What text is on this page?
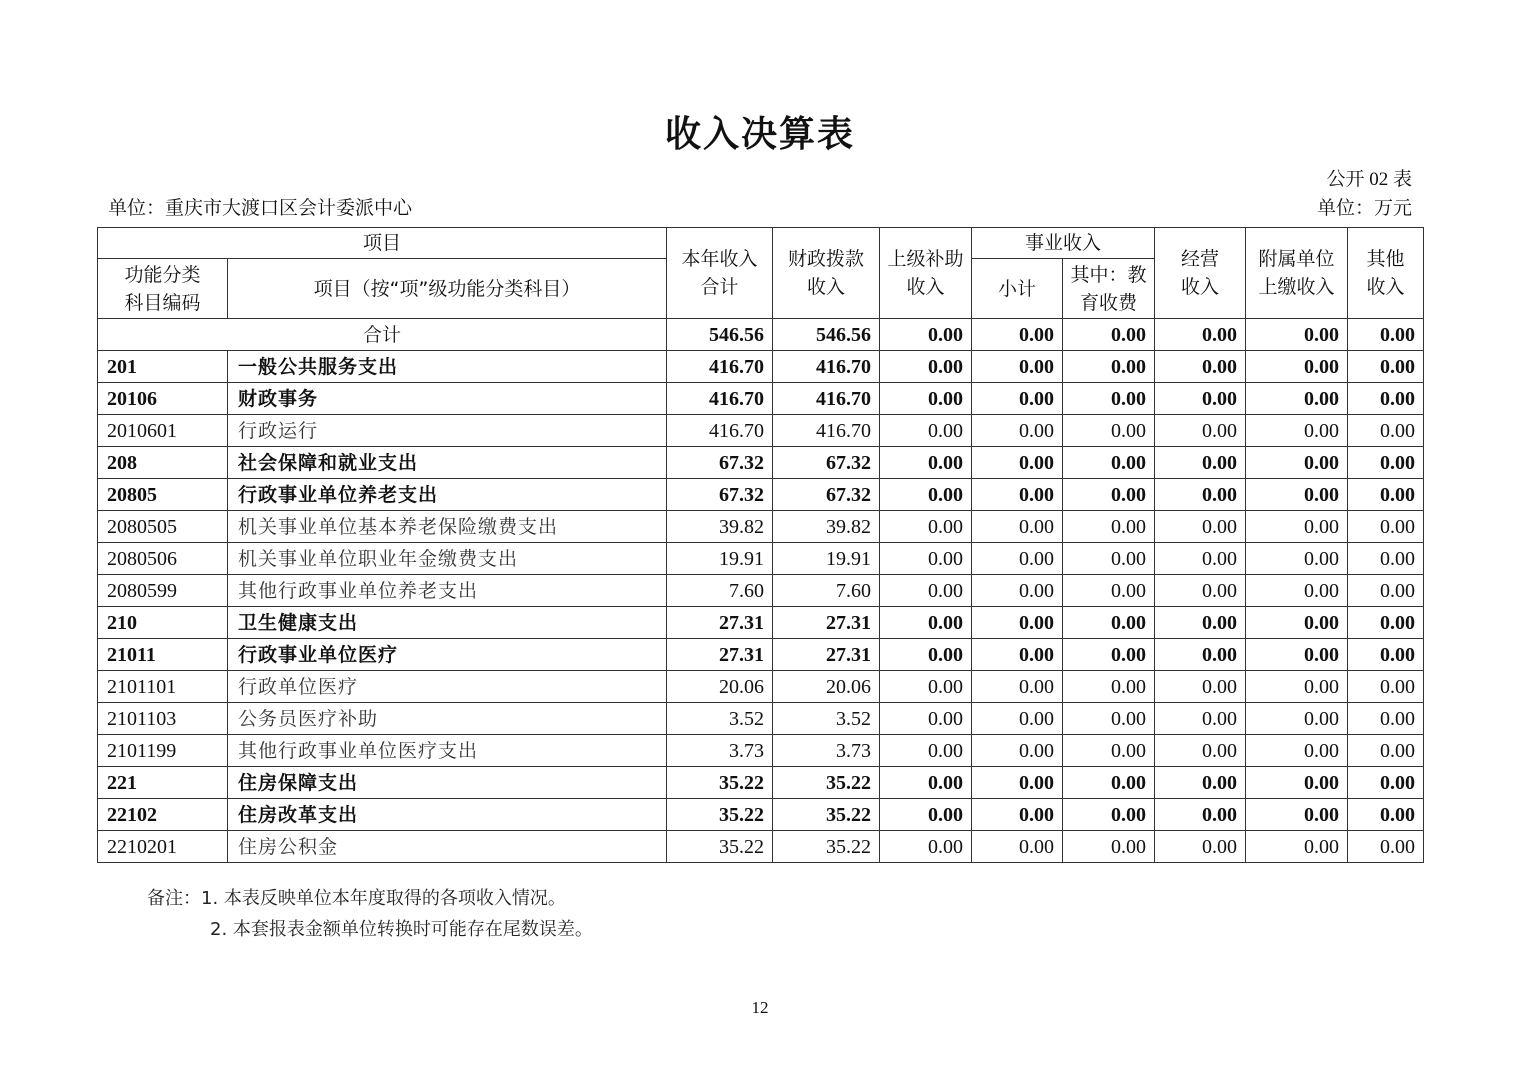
收入决算表
公开 02 表
单位：重庆市大渡口区会计委派中心	单位：万元
项目		本年收入合计	财政拨款收入	上级补助收入	事业收入		经营收入	附属单位上缴收入	其他收入
功能分类科目编码	项目（按“项”级功能分类科目）				小计	其中：教育收费			
合计		546.56	546.56	0.00	0.00	0.00	0.00	0.00	0.00
201	一般公共服务支出	416.70	416.70	0.00	0.00	0.00	0.00	0.00	0.00
20106	财政事务	416.70	416.70	0.00	0.00	0.00	0.00	0.00	0.00
2010601	行政运行	416.70	416.70	0.00	0.00	0.00	0.00	0.00	0.00
208	社会保障和就业支出	67.32	67.32	0.00	0.00	0.00	0.00	0.00	0.00
20805	行政事业单位养老支出	67.32	67.32	0.00	0.00	0.00	0.00	0.00	0.00
2080505	机关事业单位基本养老保险缴费支出	39.82	39.82	0.00	0.00	0.00	0.00	0.00	0.00
2080506	机关事业单位职业年金缴费支出	19.91	19.91	0.00	0.00	0.00	0.00	0.00	0.00
2080599	其他行政事业单位养老支出	7.60	7.60	0.00	0.00	0.00	0.00	0.00	0.00
210	卫生健康支出	27.31	27.31	0.00	0.00	0.00	0.00	0.00	0.00
21011	行政事业单位医疗	27.31	27.31	0.00	0.00	0.00	0.00	0.00	0.00
2101101	行政单位医疗	20.06	20.06	0.00	0.00	0.00	0.00	0.00	0.00
2101103	公务员医疗补助	3.52	3.52	0.00	0.00	0.00	0.00	0.00	0.00
2101199	其他行政事业单位医疗支出	3.73	3.73	0.00	0.00	0.00	0.00	0.00	0.00
221	住房保障支出	35.22	35.22	0.00	0.00	0.00	0.00	0.00	0.00
22102	住房改革支出	35.22	35.22	0.00	0.00	0.00	0.00	0.00	0.00
2210201	住房公积金	35.22	35.22	0.00	0.00	0.00	0.00	0.00	0.00
备注：1. 本表反映单位本年度取得的各项收入情况。
2. 本套报表金额单位转换时可能存在尾数误差。
12
